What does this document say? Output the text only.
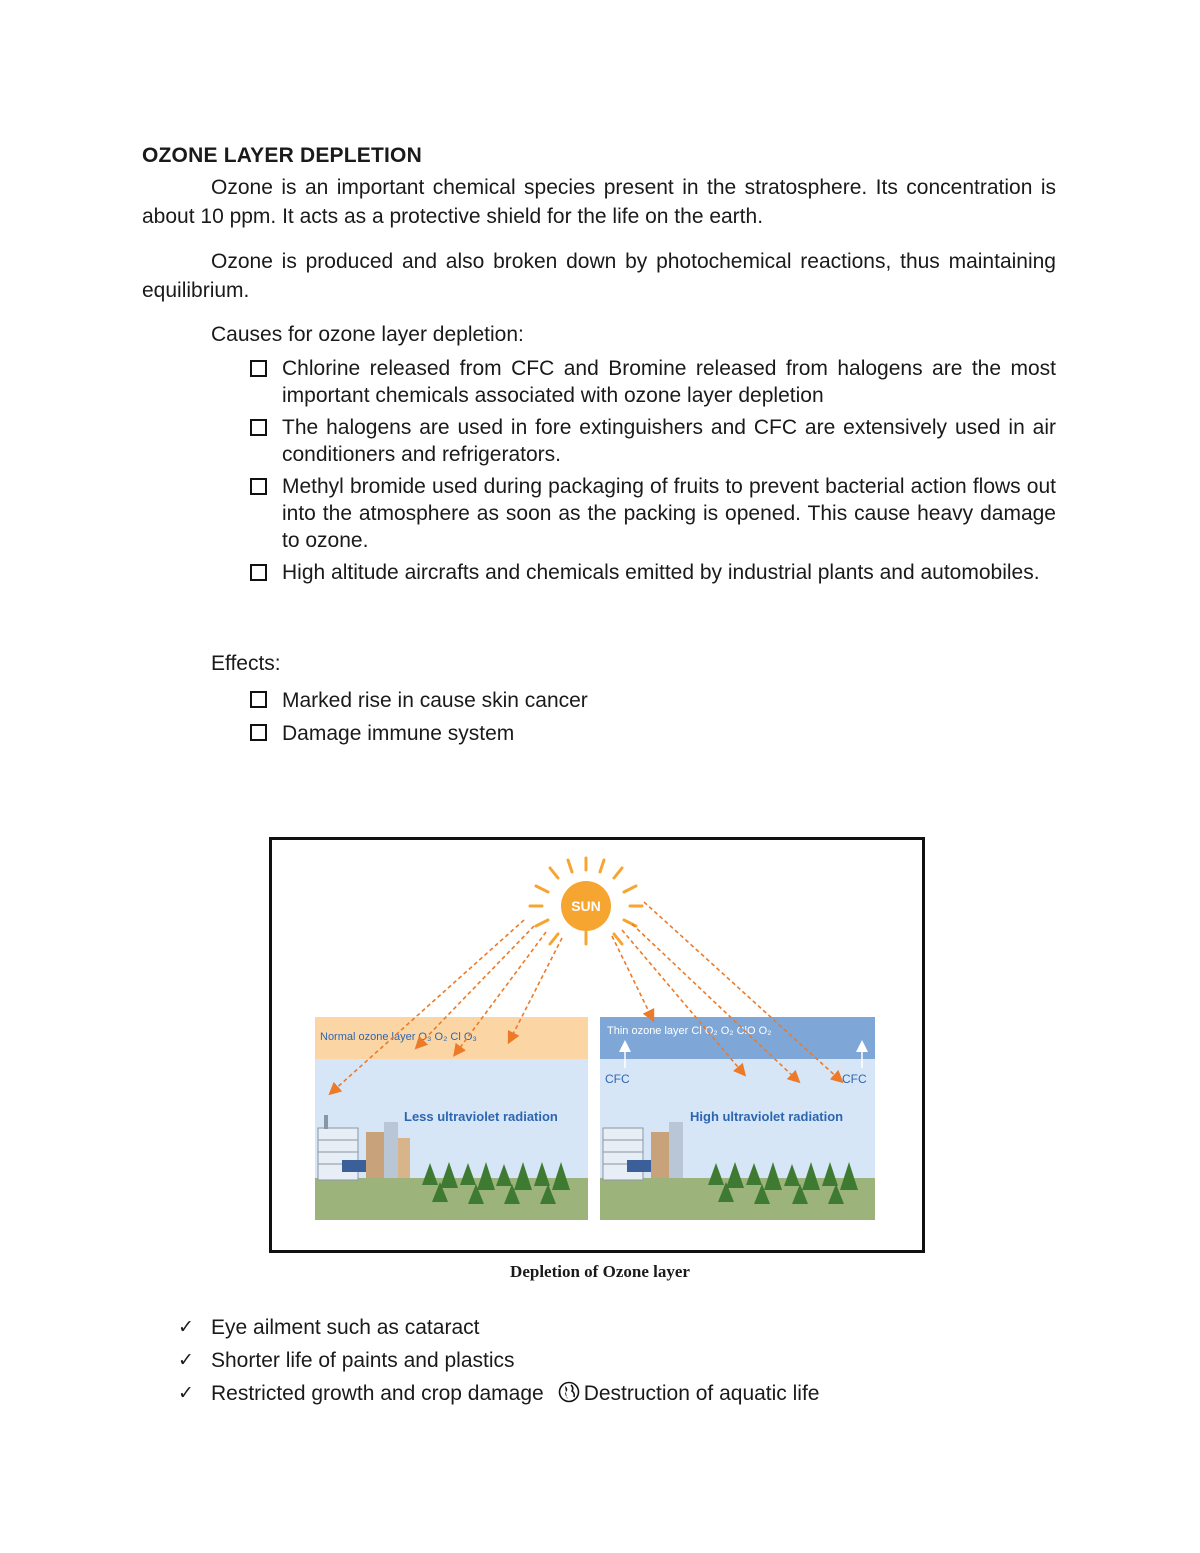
OZONE LAYER DEPLETION
Ozone is an important chemical species present in the stratosphere. Its concentration is about 10 ppm. It acts as a protective shield for the life on the earth.
Ozone is produced and also broken down by photochemical reactions, thus maintaining equilibrium.
Causes for ozone layer depletion:
Chlorine released from CFC and Bromine released from halogens are the most important chemicals associated with ozone layer depletion
The halogens are used in fore extinguishers and CFC are extensively used in air conditioners and refrigerators.
Methyl bromide used during packaging of fruits to prevent bacterial action flows out into the atmosphere as soon as the packing is opened. This cause heavy damage to ozone.
High altitude aircrafts and chemicals emitted by industrial plants and automobiles.
Effects:
Marked rise in cause skin cancer
Damage immune system
Normal ozone layer O₃ O₂ Cl O₃
Less ultraviolet radiation
Thin ozone layer Cl O₂ O₂ ClO O₂
CFC	CFC
High ultraviolet radiation
SUN
Depletion of Ozone layer
✓ Eye ailment such as cataract
✓ Shorter life of paints and plastics
✓ Restricted growth and crop damage Destruction of aquatic life
